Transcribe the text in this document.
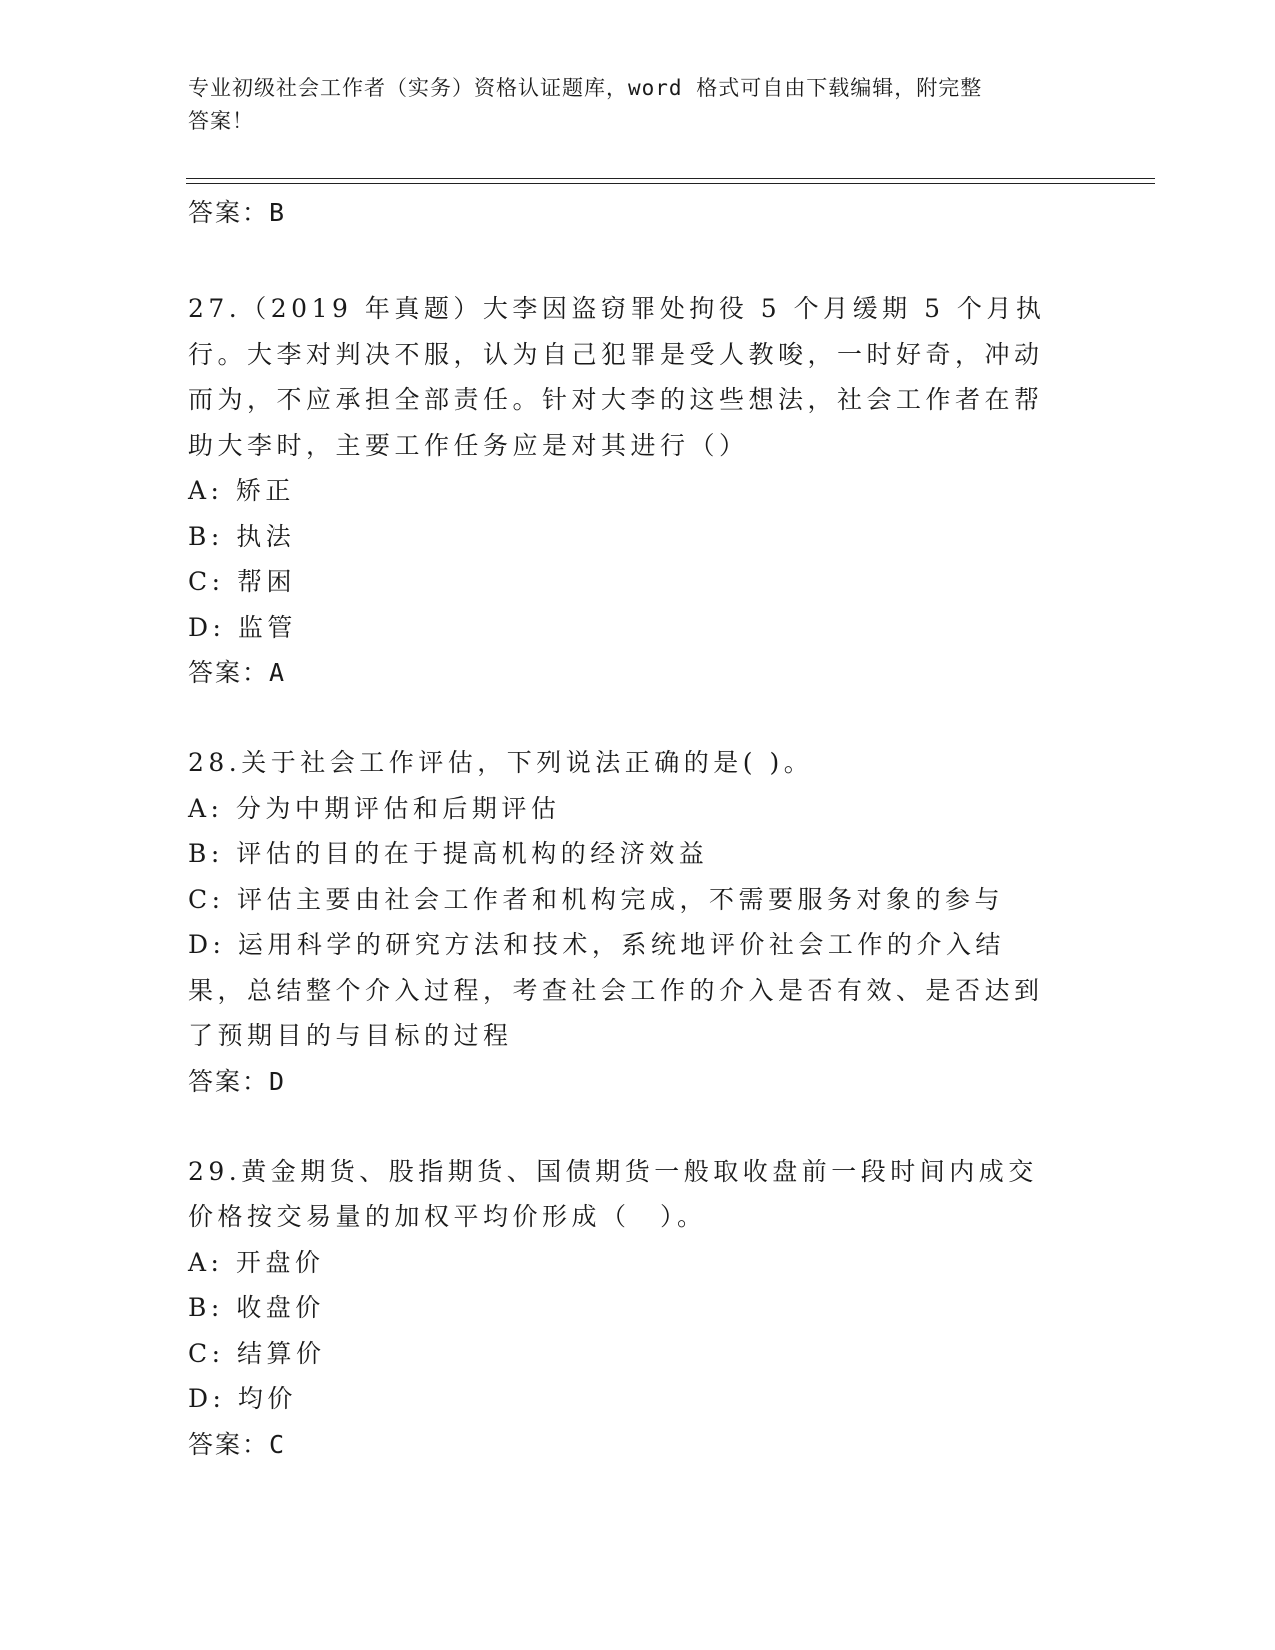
专业初级社会工作者（实务）资格认证题库，word 格式可自由下载编辑，附完整
答案！
答案：B

27.（2019 年真题）大李因盗窃罪处拘役 5 个月缓期 5 个月执行。大李对判决不服，认为自己犯罪是受人教唆，一时好奇，冲动而为，不应承担全部责任。针对大李的这些想法，社会工作者在帮助大李时，主要工作任务应是对其进行（）

A: 矫正
B: 执法
C: 帮困
D: 监管
答案：A

28.关于社会工作评估，下列说法正确的是( )。

A: 分为中期评估和后期评估
B: 评估的目的在于提高机构的经济效益
C: 评估主要由社会工作者和机构完成，不需要服务对象的参与
D: 运用科学的研究方法和技术，系统地评价社会工作的介入结果，总结整个介入过程，考查社会工作的介入是否有效、是否达到了预期目的与目标的过程
答案：D

29.黄金期货、股指期货、国债期货一般取收盘前一段时间内成交价格按交易量的加权平均价形成（　）。

A: 开盘价
B: 收盘价
C: 结算价
D: 均价
答案：C
